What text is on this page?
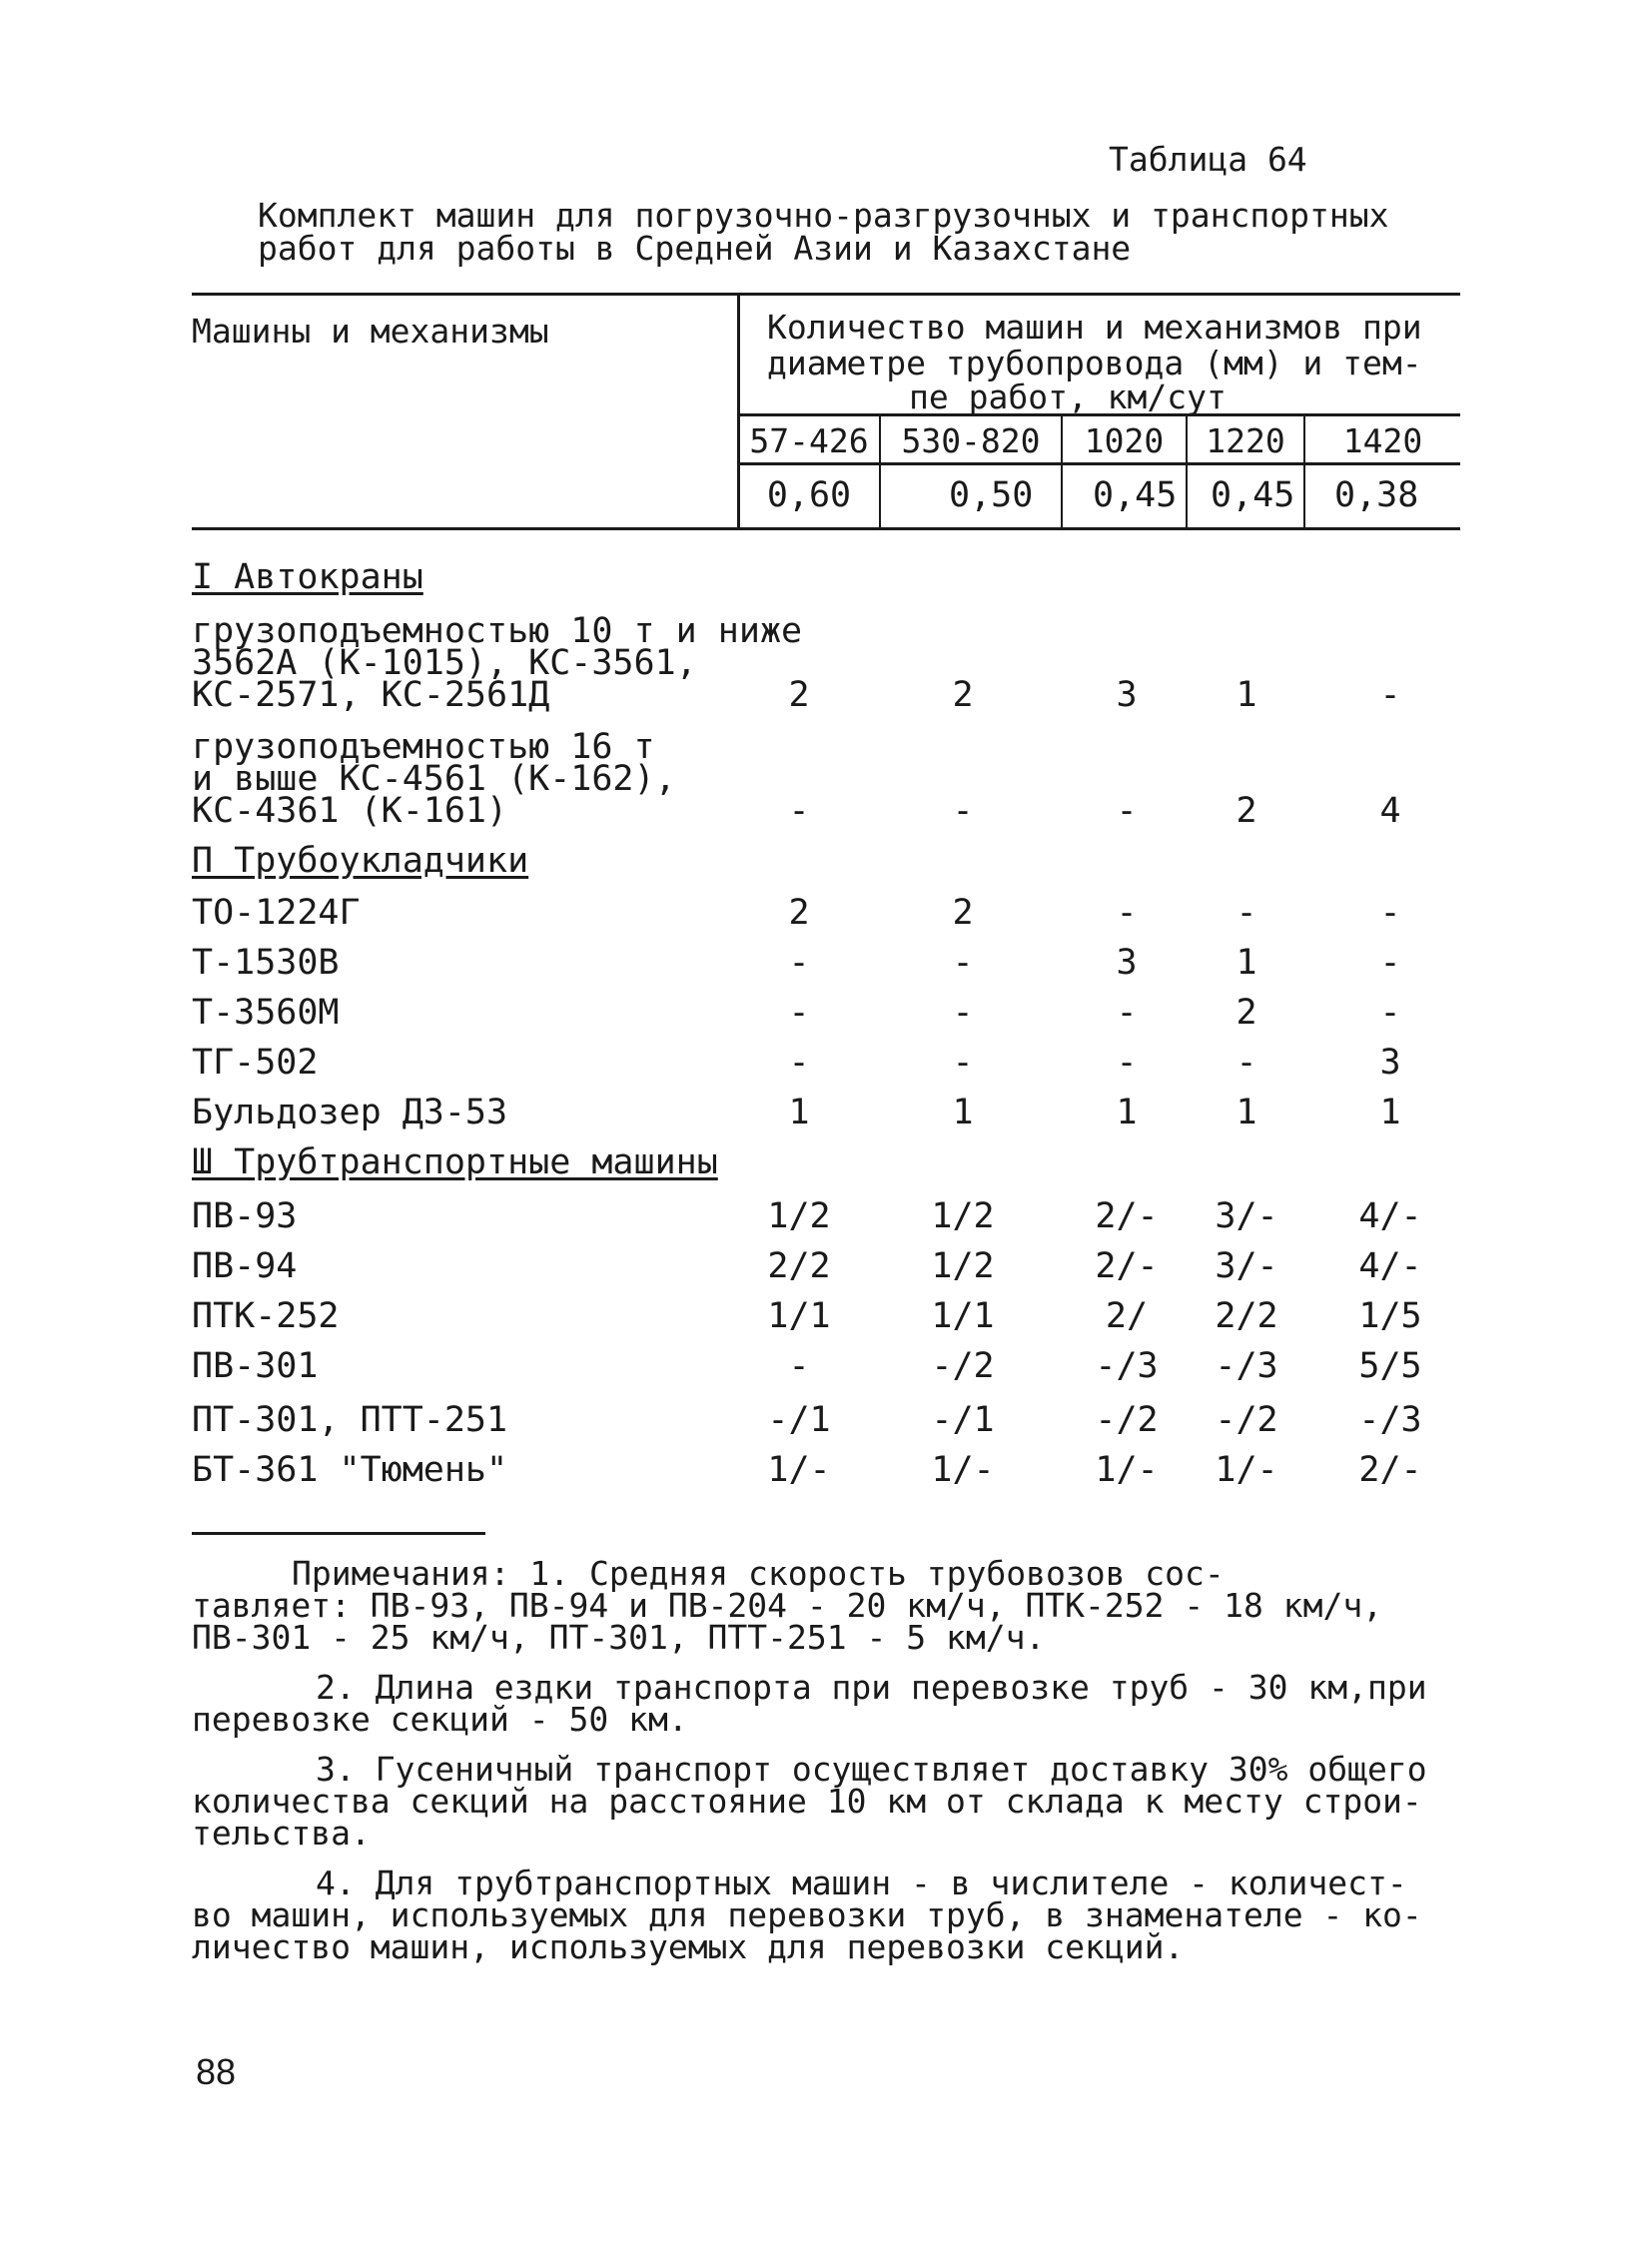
Таблица 64
Комплект машин для погрузочно-разгрузочных и транспортных
работ для работы в Средней Азии и Казахстане
Машины и механизмы	Количество машин и механизмов при
диаметре трубопровода (мм) и тем-
пе работ, км/сут
57-426 530-820	1020	1220	1420
0,60	0,50 0,45 0,45 0,38
I Автокраны
грузоподъемностью 10 т и ниже
3562А (К-1015), КС-3561,
КС-2571, КС-2561Д	2	2	3	1	-
грузоподъемностью 16 т
и выше КС-4561 (К-162),
КС-4361 (К-161)	-	-	-	2	4
П Трубоукладчики
ТО-1224Г	2	2	-	-	-
Т-1530В	-	-	3	1	-
Т-3560М	-	-	-	2	-
ТГ-502	-	-	-	-	3
Бульдозер ДЗ-53	1	1	1	1	1
Ш Трубтранспортные машины
ПВ-93	1/2	1/2	2/- 3/- 4/-
ПВ-94	2/2	1/2	2/- 3/- 4/-
ПТК-252	1/1	1/1	2/	2/2 1/5
ПВ-301	-	-/2	-/3 -/3 5/5
ПТ-301, ПТТ-251	-/1	-/1	-/2 -/2 -/3
БТ-361 "Тюмень"	1/-	1/-	1/- 1/- 2/-
Примечания: 1. Средняя скорость трубовозов сос-
тавляет: ПВ-93, ПВ-94 и ПВ-204 - 20 км/ч, ПТК-252 - 18 км/ч,
ПВ-301 - 25 км/ч, ПТ-301, ПТТ-251 - 5 км/ч.
2. Длина ездки транспорта при перевозке труб - 30 км,при
перевозке секций - 50 км.
3. Гусеничный транспорт осуществляет доставку 30% общего
количества секций на расстояние 10 км от склада к месту строи-
тельства.
4. Для трубтранспортных машин - в числителе - количест-
во машин, используемых для перевозки труб, в знаменателе - ко-
личество машин, используемых для перевозки секций.
88
